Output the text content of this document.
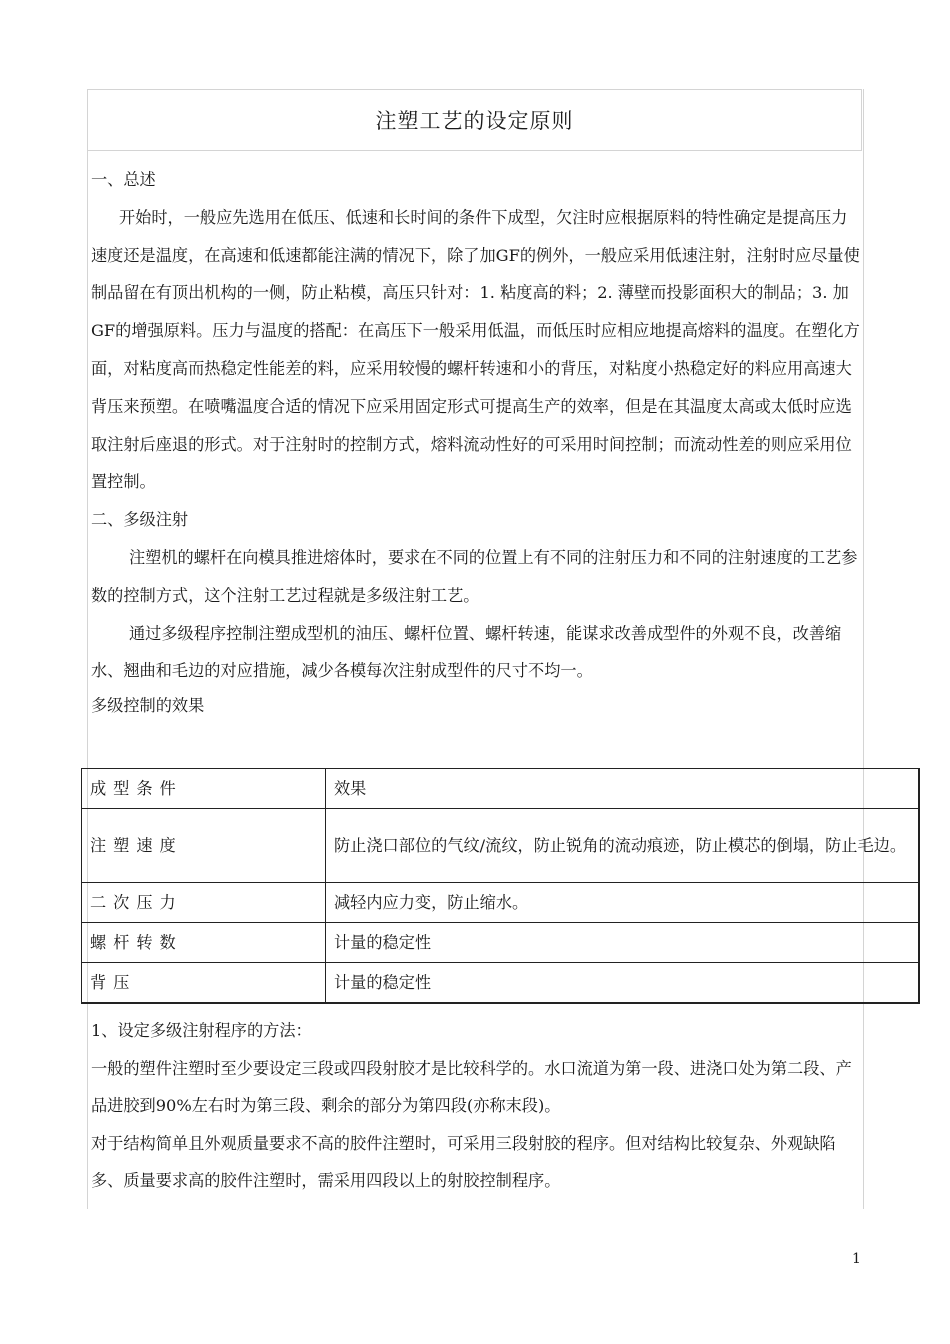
注塑工艺的设定原则

一、总述

开始时，一般应先选用在低压、低速和长时间的条件下成型，欠注时应根据原料的特性确定是提高压力速度还是温度，在高速和低速都能注满的情况下，除了加GF的例外，一般应采用低速注射，注射时应尽量使制品留在有顶出机构的一侧，防止粘模，高压只针对：1. 粘度高的料；2. 薄壁而投影面积大的制品；3. 加GF的增强原料。压力与温度的搭配：在高压下一般采用低温，而低压时应相应地提高熔料的温度。在塑化方面，对粘度高而热稳定性能差的料，应采用较慢的螺杆转速和小的背压，对粘度小热稳定好的料应用高速大背压来预塑。在喷嘴温度合适的情况下应采用固定形式可提高生产的效率，但是在其温度太高或太低时应选取注射后座退的形式。对于注射时的控制方式，熔料流动性好的可采用时间控制；而流动性差的则应采用位置控制。

二、多级注射

注塑机的螺杆在向模具推进熔体时，要求在不同的位置上有不同的注射压力和不同的注射速度的工艺参数的控制方式，这个注射工艺过程就是多级注射工艺。

通过多级程序控制注塑成型机的油压、螺杆位置、螺杆转速，能谋求改善成型件的外观不良，改善缩水、翘曲和毛边的对应措施，减少各模每次注射成型件的尺寸不均一。

多级控制的效果

成型条件	效果
注塑速度	防止浇口部位的气纹/流纹，防止锐角的流动痕迹，防止模芯的倒塌，防止毛边。
二次压力	减轻内应力变，防止缩水。
螺杆转数	计量的稳定性
背压	计量的稳定性

1、设定多级注射程序的方法：

一般的塑件注塑时至少要设定三段或四段射胶才是比较科学的。水口流道为第一段、进浇口处为第二段、产品进胶到90%左右时为第三段、剩余的部分为第四段(亦称末段)。

对于结构简单且外观质量要求不高的胶件注塑时，可采用三段射胶的程序。但对结构比较复杂、外观缺陷多、质量要求高的胶件注塑时，需采用四段以上的射胶控制程序。

1
